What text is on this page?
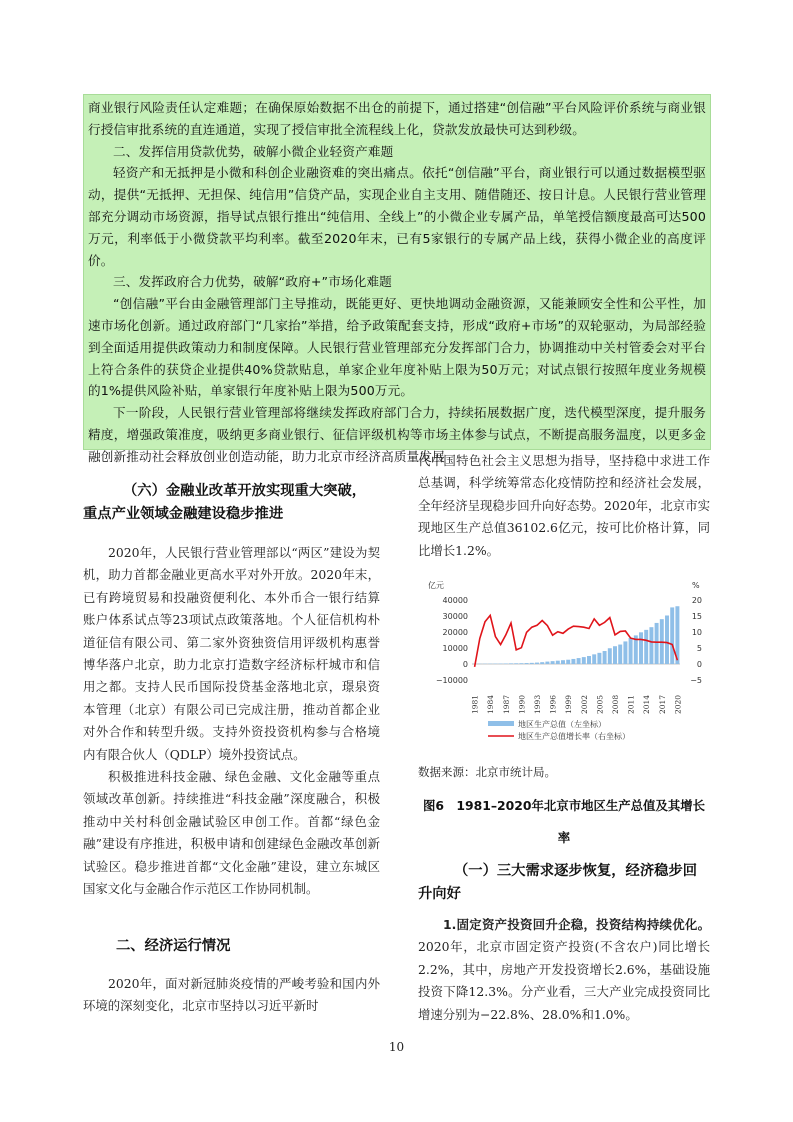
商业银行风险责任认定难题；在确保原始数据不出仓的前提下，通过搭建“创信融”平台风险评价系统与商业银行授信审批系统的直连通道，实现了授信审批全流程线上化，贷款发放最快可达到秒级。

二、发挥信用贷款优势，破解小微企业轻资产难题

轻资产和无抵押是小微和科创企业融资难的突出痛点。依托“创信融”平台，商业银行可以通过数据模型驱动，提供“无抵押、无担保、纯信用”信贷产品，实现企业自主支用、随借随还、按日计息。人民银行营业管理部充分调动市场资源，指导试点银行推出“纯信用、全线上”的小微企业专属产品，单笔授信额度最高可达500万元，利率低于小微贷款平均利率。截至2020年末，已有5家银行的专属产品上线，获得小微企业的高度评价。

三、发挥政府合力优势，破解“政府+”市场化难题

“创信融”平台由金融管理部门主导推动，既能更好、更快地调动金融资源，又能兼顾安全性和公平性，加速市场化创新。通过政府部门“几家抬”举措，给予政策配套支持，形成“政府+市场”的双轮驱动，为局部经验到全面适用提供政策动力和制度保障。人民银行营业管理部充分发挥部门合力，协调推动中关村管委会对平台上符合条件的获贷企业提供40%贷款贴息，单家企业年度补贴上限为50万元；对试点银行按照年度业务规模的1%提供风险补贴，单家银行年度补贴上限为500万元。

下一阶段，人民银行营业管理部将继续发挥政府部门合力，持续拓展数据广度，迭代模型深度，提升服务精度，增强政策准度，吸纳更多商业银行、征信评级机构等市场主体参与试点，不断提高服务温度，以更多金融创新推动社会释放创业创造动能，助力北京市经济高质量发展

（六）金融业改革开放实现重大突破，重点产业领域金融建设稳步推进

2020年，人民银行营业管理部以“两区”建设为契机，助力首都金融业更高水平对外开放。2020年末，已有跨境贸易和投融资便利化、本外币合一银行结算账户体系试点等23项试点政策落地。个人征信机构朴道征信有限公司、第二家外资独资信用评级机构惠誉博华落户北京，助力北京打造数字经济标杆城市和信用之都。支持人民币国际投贷基金落地北京，璟泉资本管理（北京）有限公司已完成注册，推动首都企业对外合作和转型升级。支持外资投资机构参与合格境内有限合伙人（QDLP）境外投资试点。

积极推进科技金融、绿色金融、文化金融等重点领域改革创新。持续推进“科技金融”深度融合，积极推动中关村科创金融试验区申创工作。首都“绿色金融”建设有序推进，积极申请和创建绿色金融改革创新试验区。稳步推进首都“文化金融”建设，建立东城区国家文化与金融合作示范区工作协同机制。

二、经济运行情况

2020年，面对新冠肺炎疫情的严峻考验和国内外环境的深刻变化，北京市坚持以习近平新时

代中国特色社会主义思想为指导，坚持稳中求进工作总基调，科学统筹常态化疫情防控和经济社会发展，全年经济呈现稳步回升向好态势。2020年，北京市实现地区生产总值36102.6亿元，按可比价格计算，同比增长1.2%。

亿元	%
40000
30000
20000
10000
0
−10000
20
15
10
5
0
−5
1981 1984 1987 1990 1993 1996 1999 2002 2005 2008 2011 2014 2017 2020
地区生产总值（左坐标）
地区生产总值增长率（右坐标）
数据来源：北京市统计局。
图6　1981–2020年北京市地区生产总值及其增长率
（一）三大需求逐步恢复，经济稳步回升向好

1.固定资产投资回升企稳，投资结构持续优化。2020年，北京市固定资产投资(不含农户)同比增长2.2%，其中，房地产开发投资增长2.6%，基础设施投资下降12.3%。分产业看，三大产业完成投资同比增速分别为−22.8%、28.0%和1.0%。

10
